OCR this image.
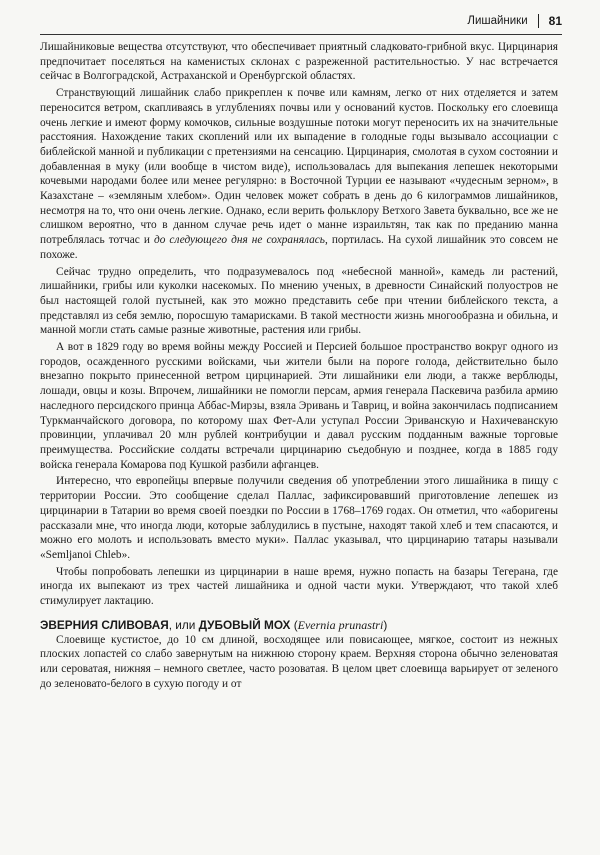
Лишайники 81

Лишайниковые вещества отсутствуют, что обеспечивает приятный сладковато-грибной вкус. Цирцинария предпочитает поселяться на каменистых склонах с разреженной растительностью. У нас встречается сейчас в Волгоградской, Астраханской и Оренбургской областях.

Странствующий лишайник слабо прикреплен к почве или камням, легко от них отделяется и затем переносится ветром, скапливаясь в углублениях почвы или у оснований кустов. Поскольку его слоевища очень легкие и имеют форму комочков, сильные воздушные потоки могут переносить их на значительные расстояния. Нахождение таких скоплений или их выпадение в голодные годы вызывало ассоциации с библейской манной и публикации с претензиями на сенсацию. Цирцинария, смолотая в сухом состоянии и добавленная в муку (или вообще в чистом виде), использовалась для выпекания лепешек некоторыми кочевыми народами более или менее регулярно: в Восточной Турции ее называют «чудесным зерном», в Казахстане – «земляным хлебом». Один человек может собрать в день до 6 килограммов лишайников, несмотря на то, что они очень легкие. Однако, если верить фольклору Ветхого Завета буквально, все же не слишком вероятно, что в данном случае речь идет о манне израильтян, так как по преданию манна потреблялась тотчас и до следующего дня не сохранялась, портилась. На сухой лишайник это совсем не похоже.

Сейчас трудно определить, что подразумевалось под «небесной манной», камедь ли растений, лишайники, грибы или куколки насекомых. По мнению ученых, в древности Синайский полуостров не был настоящей голой пустыней, как это можно представить себе при чтении библейского текста, а представлял из себя землю, поросшую тамарисками. В такой местности жизнь многообразна и обильна, и манной могли стать самые разные животные, растения или грибы.

А вот в 1829 году во время войны между Россией и Персией большое пространство вокруг одного из городов, осажденного русскими войсками, чьи жители были на пороге голода, действительно было внезапно покрыто принесенной ветром цирцинарией. Эти лишайники ели люди, а также верблюды, лошади, овцы и козы. Впрочем, лишайники не помогли персам, армия генерала Паскевича разбила армию наследного персидского принца Аббас-Мирзы, взяла Эривань и Тавриц, и война закончилась подписанием Туркманчайского договора, по которому шах Фет-Али уступал России Эриванскую и Нахичеванскую провинции, уплачивал 20 млн рублей контрибуции и давал русским подданным важные торговые преимущества. Российские солдаты встречали цирцинарию съедобную и позднее, когда в 1885 году войска генерала Комарова под Кушкой разбили афганцев.

Интересно, что европейцы впервые получили сведения об употреблении этого лишайника в пищу с территории России. Это сообщение сделал Паллас, зафиксировавший приготовление лепешек из цирцинарии в Татарии во время своей поездки по России в 1768–1769 годах. Он отметил, что «аборигены рассказали мне, что иногда люди, которые заблудились в пустыне, находят такой хлеб и тем спасаются, и можно его молоть и использовать вместо муки». Паллас указывал, что цирцинарию татары называли «Semljanoi Chleb».

Чтобы попробовать лепешки из цирцинарии в наше время, нужно попасть на базары Тегерана, где иногда их выпекают из трех частей лишайника и одной части муки. Утверждают, что такой хлеб стимулирует лактацию.

ЭВЕРНИЯ СЛИВОВАЯ, или ДУБОВЫЙ МОХ (Evernia prunastri)

Слоевище кустистое, до 10 см длиной, восходящее или повисающее, мягкое, состоит из нежных плоских лопастей со слабо завернутым на нижнюю сторону краем. Верхняя сторона обычно зеленоватая или сероватая, нижняя – немного светлее, часто розоватая. В целом цвет слоевища варьирует от зеленого до зеленовато-белого в сухую погоду и от
